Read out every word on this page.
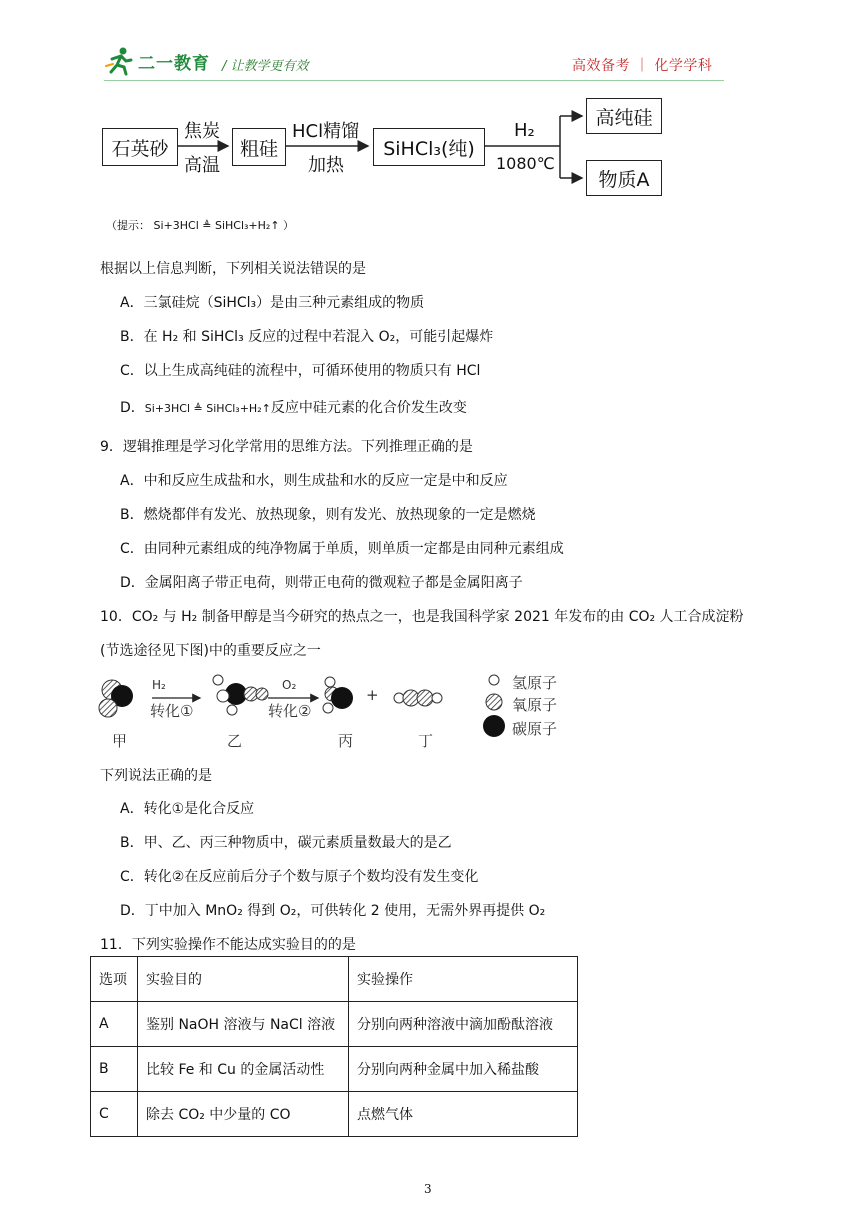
二一教育 / 让教学更有效	高效备考 ｜ 化学学科
石英砂
焦炭
高温
粗硅
HCl精馏
加热
SiHCl₃(纯)
H₂
1080℃
高纯硅
物质A
（提示： Si+3HCl ≜ SiHCl₃+H₂↑ ）
根据以上信息判断，下列相关说法错误的是
A．三氯硅烷（SiHCl₃）是由三种元素组成的物质
B．在 H₂ 和 SiHCl₃ 反应的过程中若混入 O₂，可能引起爆炸
C．以上生成高纯硅的流程中，可循环使用的物质只有 HCl
D．Si+3HCl ≜ SiHCl₃+H₂↑反应中硅元素的化合价发生改变
9．逻辑推理是学习化学常用的思维方法。下列推理正确的是
A．中和反应生成盐和水，则生成盐和水的反应一定是中和反应
B．燃烧都伴有发光、放热现象，则有发光、放热现象的一定是燃烧
C．由同种元素组成的纯净物属于单质，则单质一定都是由同种元素组成
D．金属阳离子带正电荷，则带正电荷的微观粒子都是金属阳离子
10．CO₂ 与 H₂ 制备甲醇是当今研究的热点之一，也是我国科学家 2021 年发布的由 CO₂ 人工合成淀粉
(节选途径见下图)中的重要反应之一
H₂
转化①
O₂
转化②
+
氢原子
氧原子
碳原子
甲	乙	丙	丁
下列说法正确的是
A．转化①是化合反应
B．甲、乙、丙三种物质中，碳元素质量数最大的是乙
C．转化②在反应前后分子个数与原子个数均没有发生变化
D．丁中加入 MnO₂ 得到 O₂，可供转化 2 使用，无需外界再提供 O₂
11．下列实验操作不能达成实验目的的是
选项	实验目的	实验操作
A	鉴别 NaOH 溶液与 NaCl 溶液	分别向两种溶液中滴加酚酞溶液
B	比较 Fe 和 Cu 的金属活动性	分别向两种金属中加入稀盐酸
C	除去 CO₂ 中少量的 CO	点燃气体
3
